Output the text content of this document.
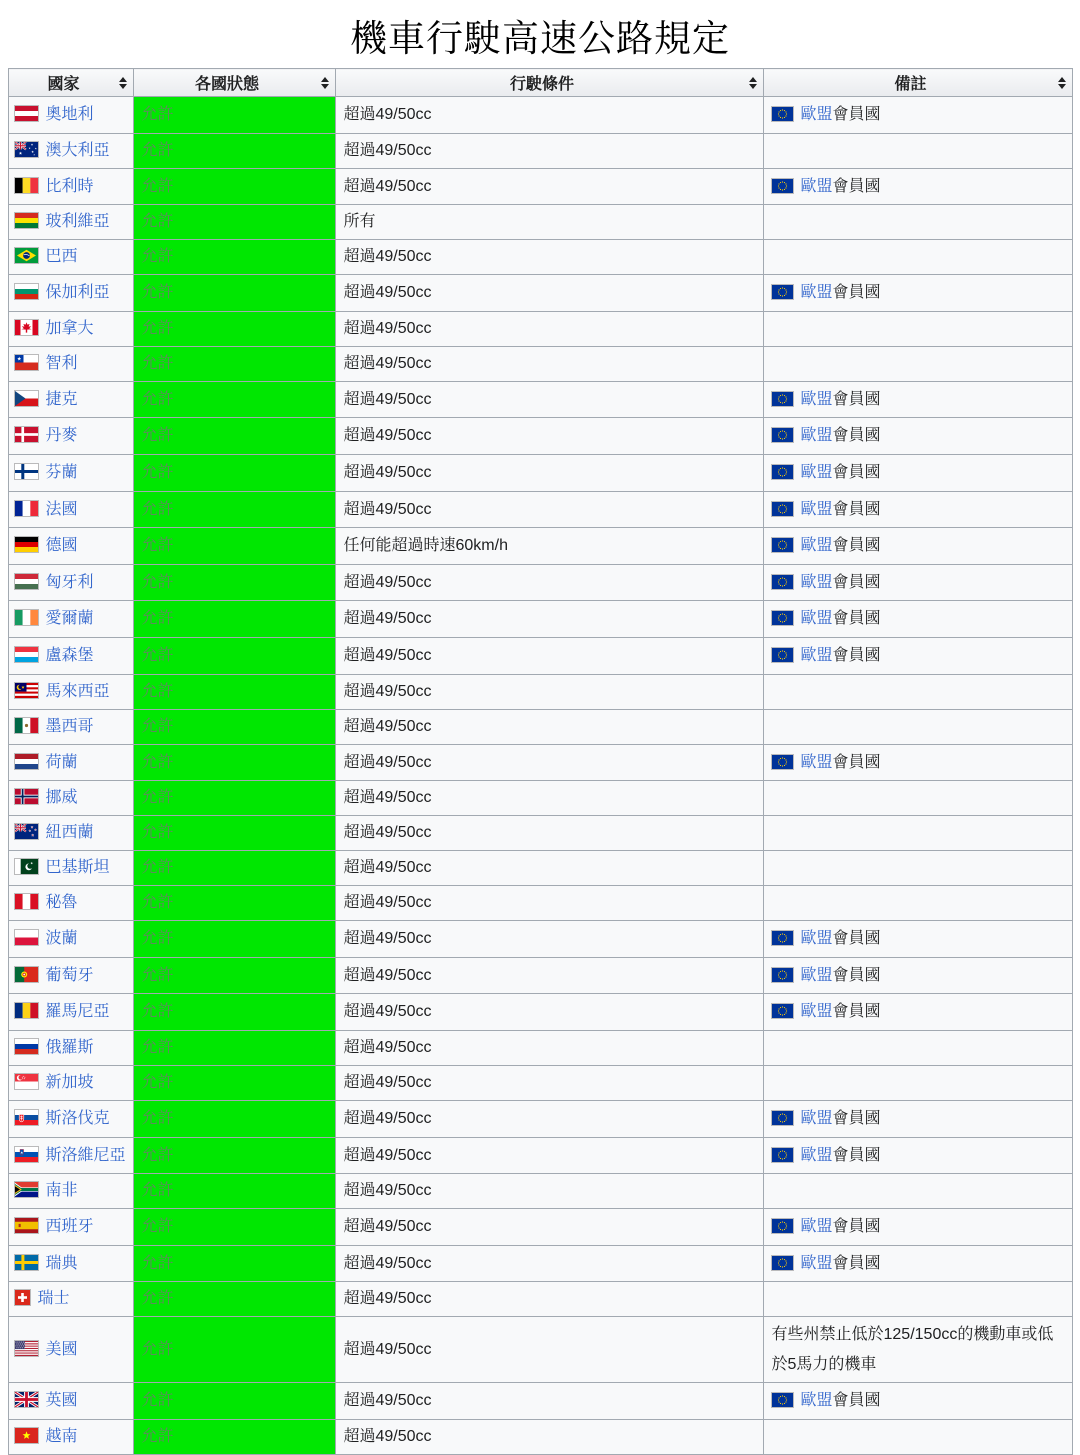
機車行駛高速公路規定
國家	各國狀態	行駛條件	備註

奧地利	允許	超過49/50cc	歐盟會員國

澳大利亞	允許	超過49/50cc	

比利時	允許	超過49/50cc	歐盟會員國

玻利維亞	允許	所有	

巴西	允許	超過49/50cc	

保加利亞	允許	超過49/50cc	歐盟會員國

加拿大	允許	超過49/50cc	

智利	允許	超過49/50cc	

捷克	允許	超過49/50cc	歐盟會員國

丹麥	允許	超過49/50cc	歐盟會員國

芬蘭	允許	超過49/50cc	歐盟會員國

法國	允許	超過49/50cc	歐盟會員國

德國	允許	任何能超過時速60km/h	歐盟會員國

匈牙利	允許	超過49/50cc	歐盟會員國

愛爾蘭	允許	超過49/50cc	歐盟會員國

盧森堡	允許	超過49/50cc	歐盟會員國

馬來西亞	允許	超過49/50cc	

墨西哥	允許	超過49/50cc	

荷蘭	允許	超過49/50cc	歐盟會員國

挪威	允許	超過49/50cc	

紐西蘭	允許	超過49/50cc	

巴基斯坦	允許	超過49/50cc	

秘魯	允許	超過49/50cc	

波蘭	允許	超過49/50cc	歐盟會員國

葡萄牙	允許	超過49/50cc	歐盟會員國

羅馬尼亞	允許	超過49/50cc	歐盟會員國

俄羅斯	允許	超過49/50cc	

新加坡	允許	超過49/50cc	

斯洛伐克	允許	超過49/50cc	歐盟會員國

斯洛維尼亞	允許	超過49/50cc	歐盟會員國

南非	允許	超過49/50cc	

西班牙	允許	超過49/50cc	歐盟會員國

瑞典	允許	超過49/50cc	歐盟會員國

瑞士	允許	超過49/50cc	

美國	允許	超過49/50cc	有些州禁止低於125/150cc的機動車或低於5馬力的機車

英國	允許	超過49/50cc	歐盟會員國

越南	允許	超過49/50cc	
